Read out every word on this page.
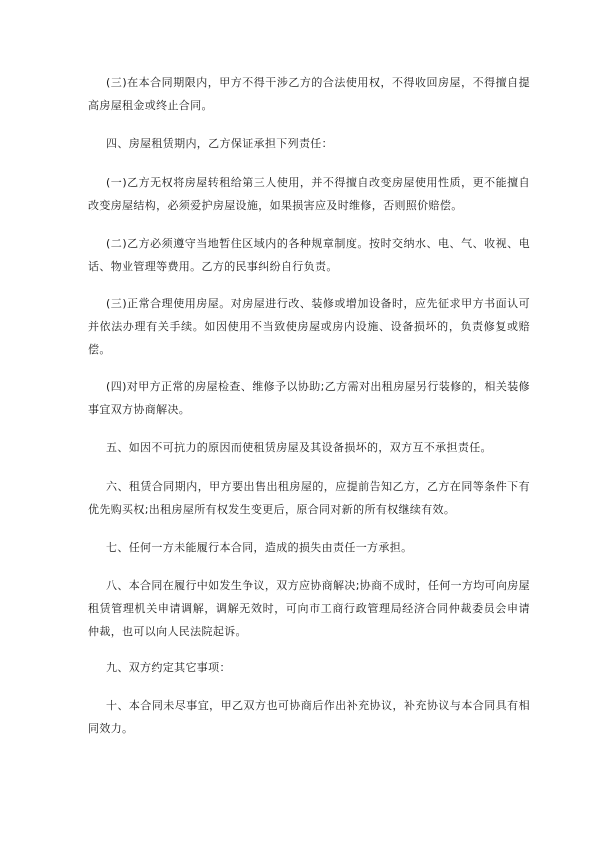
(三)在本合同期限内，甲方不得干涉乙方的合法使用权，不得收回房屋，不得擅自提高房屋租金或终止合同。

四、房屋租赁期内，乙方保证承担下列责任：

(一)乙方无权将房屋转租给第三人使用，并不得擅自改变房屋使用性质，更不能擅自改变房屋结构，必须爱护房屋设施，如果损害应及时维修，否则照价赔偿。

(二)乙方必须遵守当地暂住区域内的各种规章制度。按时交纳水、电、气、收视、电话、物业管理等费用。乙方的民事纠纷自行负责。

(三)正常合理使用房屋。对房屋进行改、装修或增加设备时，应先征求甲方书面认可并依法办理有关手续。如因使用不当致使房屋或房内设施、设备损坏的，负责修复或赔偿。

(四)对甲方正常的房屋检查、维修予以协助;乙方需对出租房屋另行装修的，相关装修事宜双方协商解决。

五、如因不可抗力的原因而使租赁房屋及其设备损坏的，双方互不承担责任。

六、租赁合同期内，甲方要出售出租房屋的，应提前告知乙方，乙方在同等条件下有优先购买权;出租房屋所有权发生变更后，原合同对新的所有权继续有效。

七、任何一方未能履行本合同，造成的损失由责任一方承担。

八、本合同在履行中如发生争议，双方应协商解决;协商不成时，任何一方均可向房屋租赁管理机关申请调解，调解无效时，可向市工商行政管理局经济合同仲裁委员会申请仲裁，也可以向人民法院起诉。

九、双方约定其它事项：

十、本合同未尽事宜，甲乙双方也可协商后作出补充协议，补充协议与本合同具有相同效力。
